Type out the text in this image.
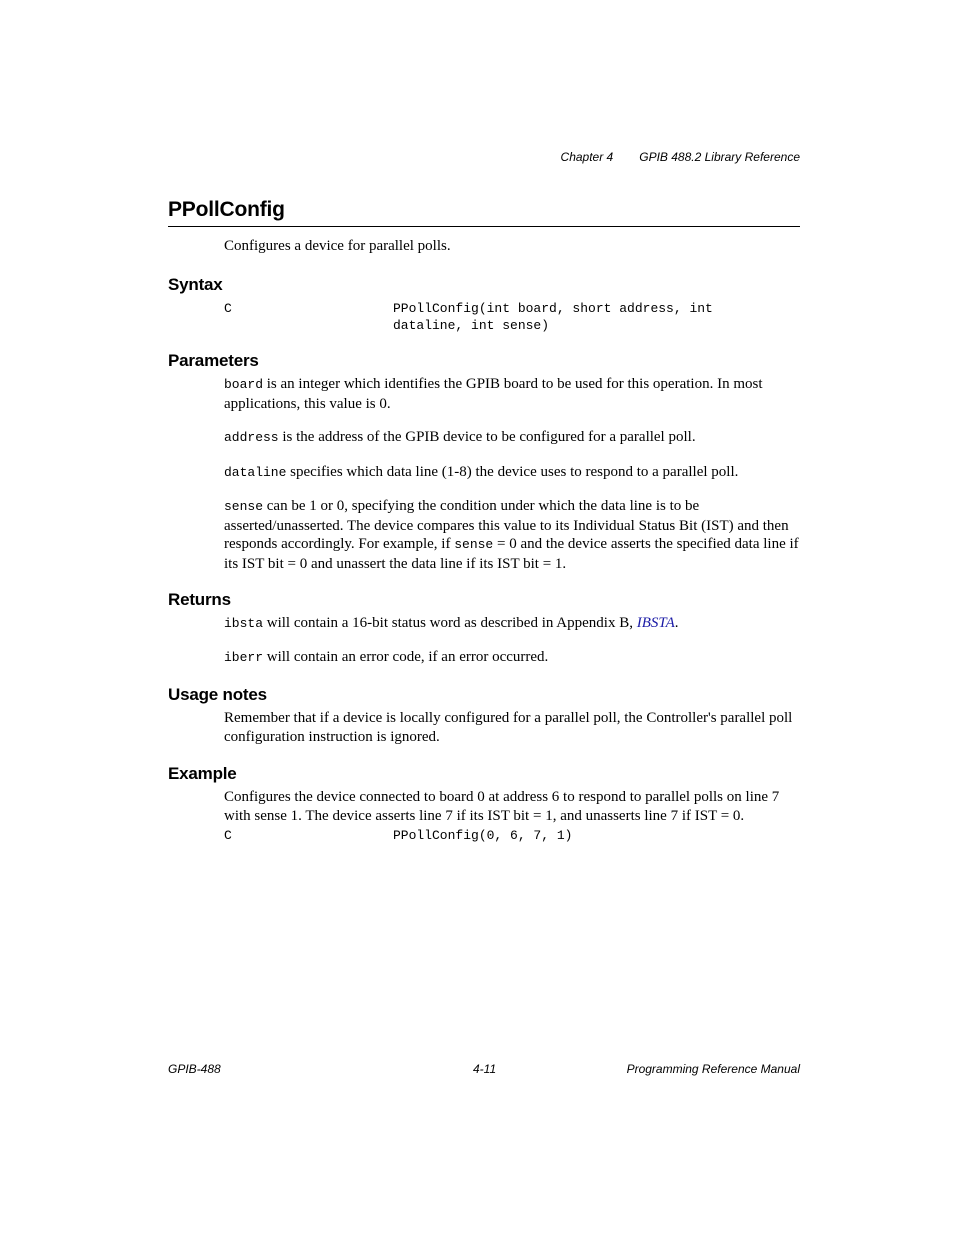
Chapter 4 GPIB 488.2 Library Reference
PPollConfig

Configures a device for parallel polls.

Syntax
C	PPollConfig(int board, short address, int
dataline, int sense)
Parameters

board is an integer which identifies the GPIB board to be used for this operation. In most applications, this value is 0.

address is the address of the GPIB device to be configured for a parallel poll.

dataline specifies which data line (1-8) the device uses to respond to a parallel poll.

sense can be 1 or 0, specifying the condition under which the data line is to be asserted/unasserted. The device compares this value to its Individual Status Bit (IST) and then responds accordingly. For example, if sense = 0 and the device asserts the specified data line if its IST bit = 0 and unassert the data line if its IST bit = 1.

Returns

ibsta will contain a 16-bit status word as described in Appendix B, IBSTA.

iberr will contain an error code, if an error occurred.

Usage notes

Remember that if a device is locally configured for a parallel poll, the Controller's parallel poll configuration instruction is ignored.

Example

Configures the device connected to board 0 at address 6 to respond to parallel polls on line 7 with sense 1. The device asserts line 7 if its IST bit = 1, and unasserts line 7 if IST = 0.

C	PPollConfig(0, 6, 7, 1)
GPIB-488	4-11	Programming Reference Manual
